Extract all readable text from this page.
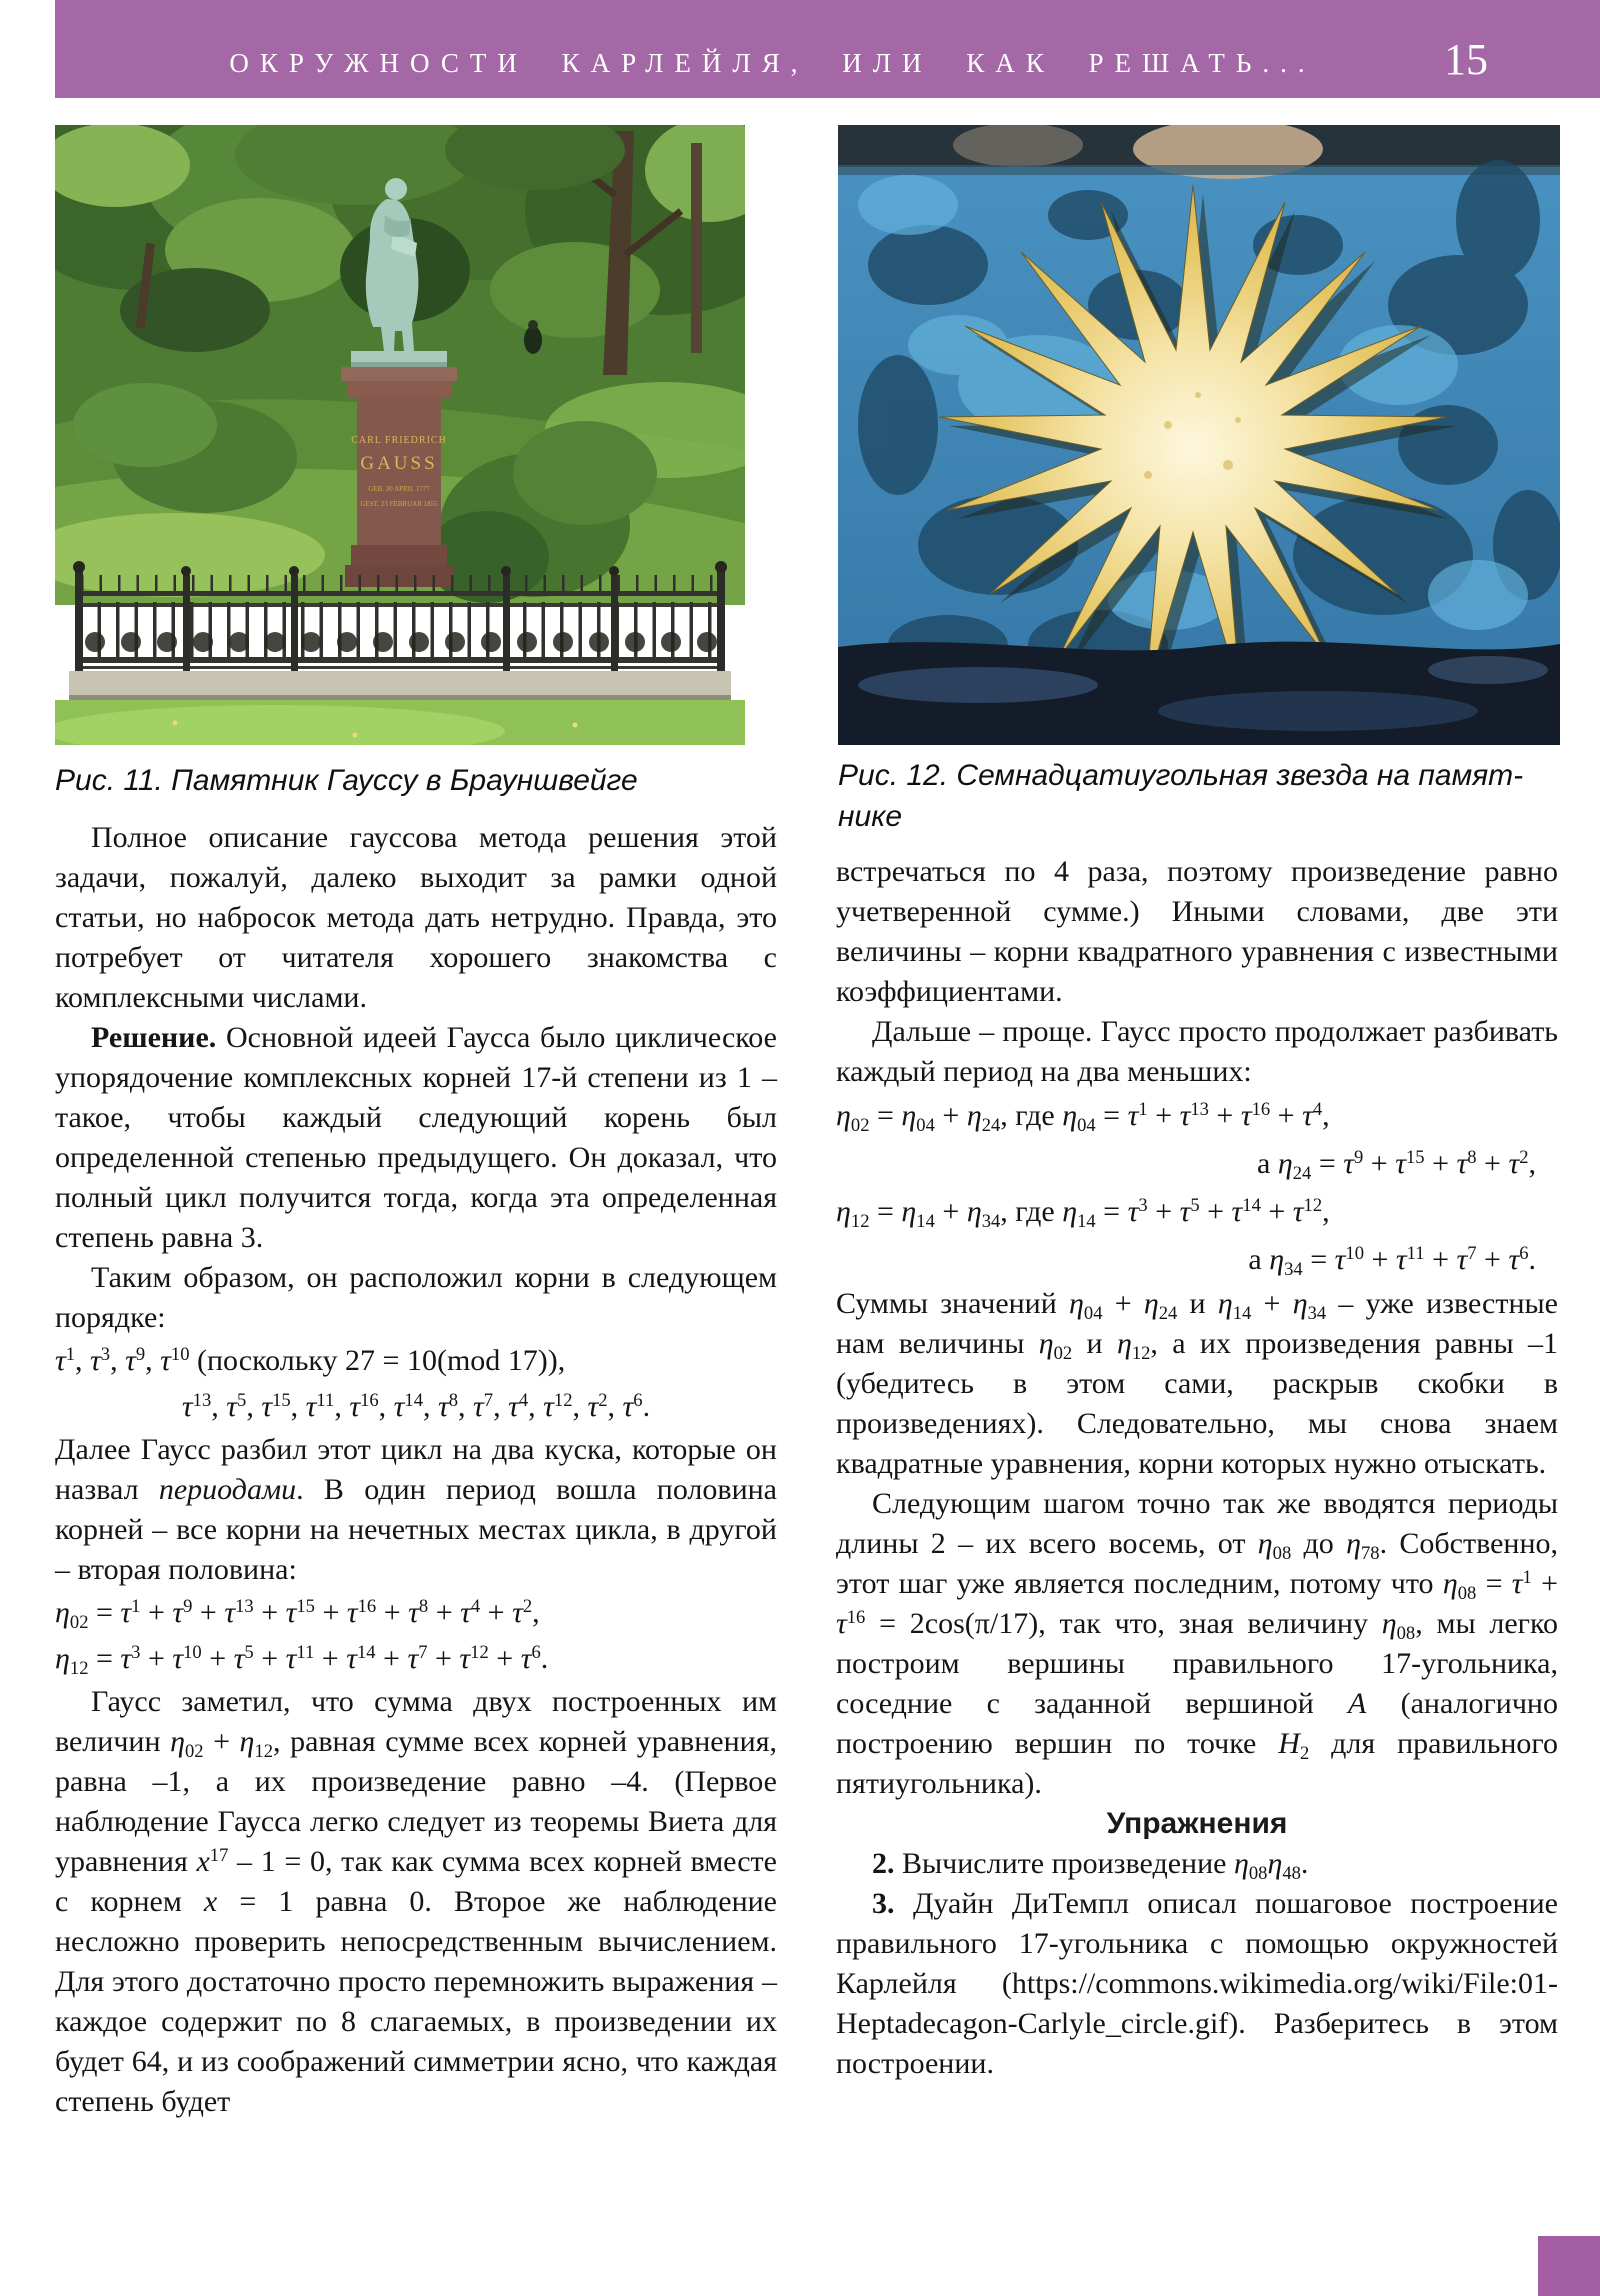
ОКРУЖНОСТИ КАРЛЕЙЛЯ, ИЛИ КАК РЕШАТЬ...	15
CARL FRIEDRICH
GAUSS
GEB. 30 APRIL 1777
GEST. 23 FEBRUAR 1855
Рис. 11. Памятник Гауссу в Брауншвейге	Рис. 12. Семнадцатиугольная звезда на памят-
нике

Полное описание гауссова метода решения этой задачи, пожалуй, далеко выходит за рамки одной статьи, но набросок метода дать нетрудно. Правда, это потребует от читателя хорошего знакомства с комплексными числами.

Решение. Основной идеей Гаусса было циклическое упорядочение комплексных корней 17-й степени из 1 – такое, чтобы каждый следующий корень был определенной степенью предыдущего. Он доказал, что полный цикл получится тогда, когда эта определенная степень равна 3.

Таким образом, он расположил корни в следующем порядке:

$\tau^1$, $\tau^3$, $\tau^9$, $\tau^{10}$ (поскольку 27 = 10(mod 17)),

$\tau^{13}$, $\tau^5$, $\tau^{15}$, $\tau^{11}$, $\tau^{16}$, $\tau^{14}$, $\tau^8$, $\tau^7$, $\tau^4$, $\tau^{12}$, $\tau^2$, $\tau^6$.

Далее Гаусс разбил этот цикл на два куска, которые он назвал периодами. В один период вошла половина корней – все корни на нечетных местах цикла, в другой – вторая половина:

$\eta_{02} = \tau^1 + \tau^9 + \tau^{13} + \tau^{15} + \tau^{16} + \tau^8 + \tau^4 + \tau^2$,

$\eta_{12} = \tau^3 + \tau^{10} + \tau^5 + \tau^{11} + \tau^{14} + \tau^7 + \tau^{12} + \tau^6$.

Гаусс заметил, что сумма двух построенных им величин $\eta_{02} + \eta_{12}$, равная сумме всех корней уравнения, равна –1, а их произведение равно –4. (Первое наблюдение Гаусса легко следует из теоремы Виета для уравнения $x^{17} - 1 = 0$, так как сумма всех корней вместе с корнем x = 1 равна 0. Второе же наблюдение несложно проверить непосредственным вычислением. Для этого достаточно просто перемножить выражения – каждое содержит по 8 слагаемых, в произведении их будет 64, и из соображений симметрии ясно, что каждая степень будет

встречаться по 4 раза, поэтому произведение равно учетверенной сумме.) Иными словами, две эти величины – корни квадратного уравнения с известными коэффициентами.

Дальше – проще. Гаусс просто продолжает разбивать каждый период на два меньших:

$\eta_{02} = \eta_{04} + \eta_{24}$, где $\eta_{04} = \tau^1 + \tau^{13} + \tau^{16} + \tau^4$,

а $\eta_{24} = \tau^9 + \tau^{15} + \tau^8 + \tau^2$,

$\eta_{12} = \eta_{14} + \eta_{34}$, где $\eta_{14} = \tau^3 + \tau^5 + \tau^{14} + \tau^{12}$,

а $\eta_{34} = \tau^{10} + \tau^{11} + \tau^7 + \tau^6$.

Суммы значений $\eta_{04} + \eta_{24}$ и $\eta_{14} + \eta_{34}$ – уже известные нам величины $\eta_{02}$ и $\eta_{12}$, а их произведения равны –1 (убедитесь в этом сами, раскрыв скобки в произведениях). Следовательно, мы снова знаем квадратные уравнения, корни которых нужно отыскать.

Следующим шагом точно так же вводятся периоды длины 2 – их всего восемь, от $\eta_{08}$ до $\eta_{78}$. Собственно, этот шаг уже является последним, потому что $\eta_{08} = \tau^1 + \tau^{16} = 2\cos(\pi/17)$, так что, зная величину $\eta_{08}$, мы легко построим вершины правильного 17-угольника, соседние с заданной вершиной A (аналогично построению вершин по точке $H_2$ для правильного пятиугольника).

Упражнения

2. Вычислите произведение $\eta_{08}\eta_{48}$.

3. Дуайн ДиТемпл описал пошаговое построение правильного 17-угольника с помощью окружностей Карлейля (https://commons.wikimedia.org/wiki/File:01-Heptadecagon-Carlyle_circle.gif). Разберитесь в этом построении.
